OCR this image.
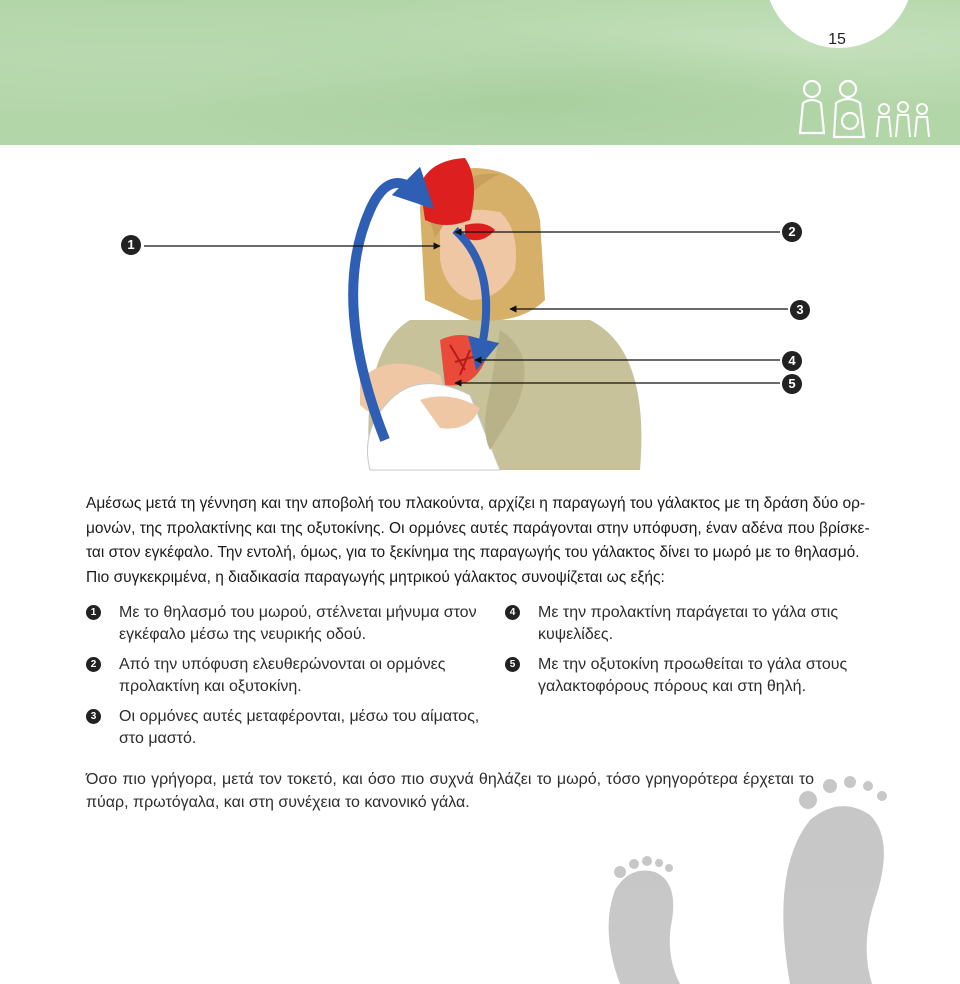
15
1
2
3
4
5

Αμέσως μετά τη γέννηση και την αποβολή του πλακούντα, αρχίζει η παραγωγή του γάλακτος με τη δράση δύο ορ-

μονών, της προλακτίνης και της οξυτοκίνης. Οι ορμόνες αυτές παράγονται στην υπόφυση, έναν αδένα που βρίσκε-

ται στον εγκέφαλο. Την εντολή, όμως, για το ξεκίνημα της παραγωγής του γάλακτος δίνει το μωρό με το θηλασμό.

Πιο συγκεκριμένα, η διαδικασία παραγωγής μητρικού γάλακτος συνοψίζεται ως εξής:

1 Με το θηλασμό του μωρού, στέλνεται μήνυμα στον εγκέφαλο μέσω της νευρικής οδού.
2 Από την υπόφυση ελευθερώνονται οι ορμόνες προλακτίνη και οξυτοκίνη.
3 Οι ορμόνες αυτές μεταφέρονται, μέσω του αίματος, στο μαστό.
4 Με την προλακτίνη παράγεται το γάλα στις κυψελίδες.
5 Με την οξυτοκίνη προωθείται το γάλα στους γαλακτοφόρους πόρους και στη θηλή.
Όσο πιο γρήγορα, μετά τον τοκετό, και όσο πιο συχνά θηλάζει το μωρό, τόσο γρηγορότερα έρχεται το πύαρ, πρωτόγαλα, και στη συνέχεια το κανονικό γάλα.
